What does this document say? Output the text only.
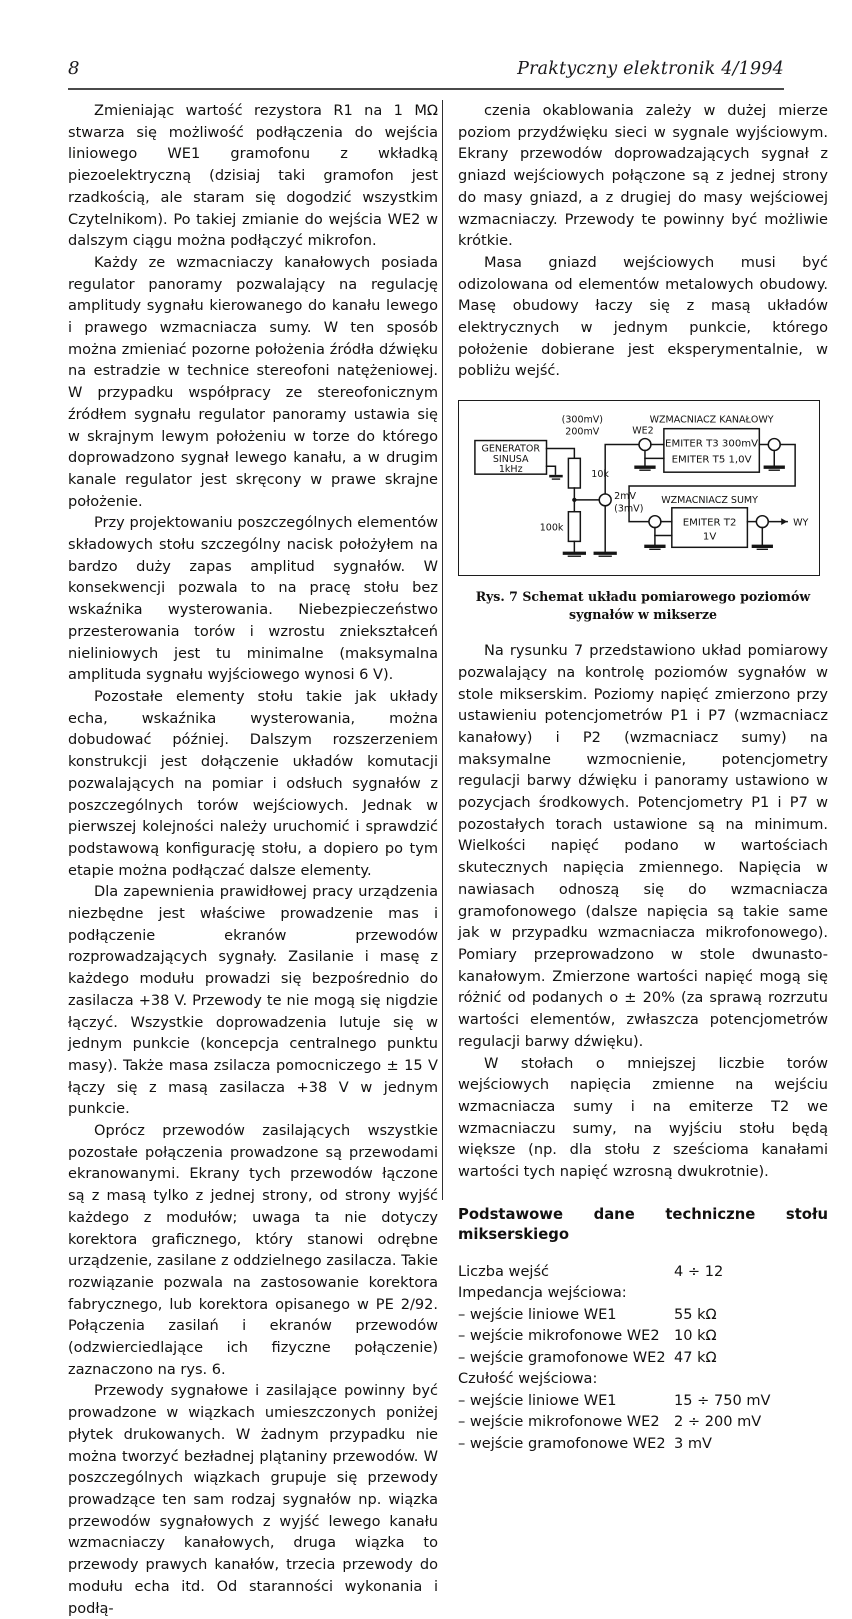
8	Praktyczny elektronik 4/1994

Zmieniając wartość rezystora R1 na 1 MΩ stwarza się możliwość podłączenia do wejścia liniowego WE1 gramofonu z wkładką piezoelektryczną (dzisiaj taki gramofon jest rzadkością, ale staram się dogodzić wszystkim Czytelnikom). Po takiej zmianie do wejścia WE2 w dalszym ciągu można podłączyć mikrofon.

Każdy ze wzmacniaczy kanałowych posiada regulator panoramy pozwalający na regulację amplitudy sygnału kierowanego do kanału lewego i prawego wzmacniacza sumy. W ten sposób można zmieniać pozorne położenia źródła dźwięku na estradzie w technice stereofoni natężeniowej. W przypadku współpracy ze stereofonicznym źródłem sygnału regulator panoramy ustawia się w skrajnym lewym położeniu w torze do którego doprowadzono sygnał lewego kanału, a w drugim kanale regulator jest skręcony w prawe skrajne położenie.

Przy projektowaniu poszczególnych elementów składowych stołu szczególny nacisk położyłem na bardzo duży zapas amplitud sygnałów. W konsekwencji pozwala to na pracę stołu bez wskaźnika wysterowania. Niebezpieczeństwo przesterowania torów i wzrostu zniekształceń nieliniowych jest tu minimalne (maksymalna amplituda sygnału wyjściowego wynosi 6 V).

Pozostałe elementy stołu takie jak układy echa, wskaźnika wysterowania, można dobudować później. Dalszym rozszerzeniem konstrukcji jest dołączenie układów komutacji pozwalających na pomiar i odsłuch sygnałów z poszczególnych torów wejściowych. Jednak w pierwszej kolejności należy uruchomić i sprawdzić podstawową konfigurację stołu, a dopiero po tym etapie można podłączać dalsze elementy.

Dla zapewnienia prawidłowej pracy urządzenia niezbędne jest właściwe prowadzenie mas i podłączenie ekranów przewodów rozprowadzających sygnały. Zasilanie i masę z każdego modułu prowadzi się bezpośrednio do zasilacza +38 V. Przewody te nie mogą się nigdzie łączyć. Wszystkie doprowadzenia lutuje się w jednym punkcie (koncepcja centralnego punktu masy). Także masa zsilacza pomocniczego ± 15 V łączy się z masą zasilacza +38 V w jednym punkcie.

Oprócz przewodów zasilających wszystkie pozostałe połączenia prowadzone są przewodami ekranowanymi. Ekrany tych przewodów łączone są z masą tylko z jednej strony, od strony wyjść każdego z modułów; uwaga ta nie dotyczy korektora graficznego, który stanowi odrębne urządzenie, zasilane z oddzielnego zasilacza. Takie rozwiązanie pozwala na zastosowanie korektora fabrycznego, lub korektora opisanego w PE 2/92. Połączenia zasilań i ekranów przewodów (odzwierciedlające ich fizyczne połączenie) zaznaczono na rys. 6.

Przewody sygnałowe i zasilające powinny być prowadzone w wiązkach umieszczonych poniżej płytek drukowanych. W żadnym przypadku nie można tworzyć bezładnej plątaniny przewodów. W poszczególnych wiązkach grupuje się przewody prowadzące ten sam rodzaj sygnałów np. wiązka przewodów sygnałowych z wyjść lewego kanału wzmacniaczy kanałowych, druga wiązka to przewody prawych kanałów, trzecia przewody do modułu echa itd. Od staranności wykonania i podłą-

czenia okablowania zależy w dużej mierze poziom przydźwięku sieci w sygnale wyjściowym. Ekrany przewodów doprowadzających sygnał z gniazd wejściowych połączone są z jednej strony do masy gniazd, a z drugiej do masy wejściowej wzmacniaczy. Przewody te powinny być możliwie krótkie.

Masa gniazd wejściowych musi być odizolowana od elementów metalowych obudowy. Masę obudowy łaczy się z masą układów elektrycznych w jednym punkcie, którego położenie dobierane jest eksperymentalnie, w pobliżu wejść.

GENERATOR
SINUSA
1kHz
(300mV)
200mV
10k
100k
2mV
(3mV)
WE2
WZMACNIACZ KANAŁOWY
EMITER T3 300mV
EMITER T5 1,0V
WZMACNIACZ SUMY
EMITER T2
1V
WY
Rys. 7 Schemat układu pomiarowego poziomów
sygnałów w mikserze

Na rysunku 7 przedstawiono układ pomiarowy pozwalający na kontrolę poziomów sygnałów w stole mikserskim. Poziomy napięć zmierzono przy ustawieniu potencjometrów P1 i P7 (wzmacniacz kanałowy) i P2 (wzmacniacz sumy) na maksymalne wzmocnienie, potencjometry regulacji barwy dźwięku i panoramy ustawiono w pozycjach środkowych. Potencjometry P1 i P7 w pozostałych torach ustawione są na minimum. Wielkości napięć podano w wartościach skutecznych napięcia zmiennego. Napięcia w nawiasach odnoszą się do wzmacniacza gramofonowego (dalsze napięcia są takie same jak w przypadku wzmacniacza mikrofonowego). Pomiary przeprowadzono w stole dwunasto-kanałowym. Zmierzone wartości napięć mogą się różnić od podanych o ± 20% (za sprawą rozrzutu wartości elementów, zwłaszcza potencjometrów regulacji barwy dźwięku).

W stołach o mniejszej liczbie torów wejściowych napięcia zmienne na wejściu wzmacniacza sumy i na emiterze T2 we wzmacniaczu sumy, na wyjściu stołu będą większe (np. dla stołu z sześcioma kanałami wartości tych napięć wzrosną dwukrotnie).

Podstawowe dane techniczne stołu mikserskiego
Liczba wejść	4 ÷ 12
Impedancja wejściowa:	
– wejście liniowe WE1	55 kΩ
– wejście mikrofonowe WE2	10 kΩ
– wejście gramofonowe WE2	47 kΩ
Czułość wejściowa:	
– wejście liniowe WE1	15 ÷ 750 mV
– wejście mikrofonowe WE2	2 ÷ 200 mV
– wejście gramofonowe WE2	3 mV
